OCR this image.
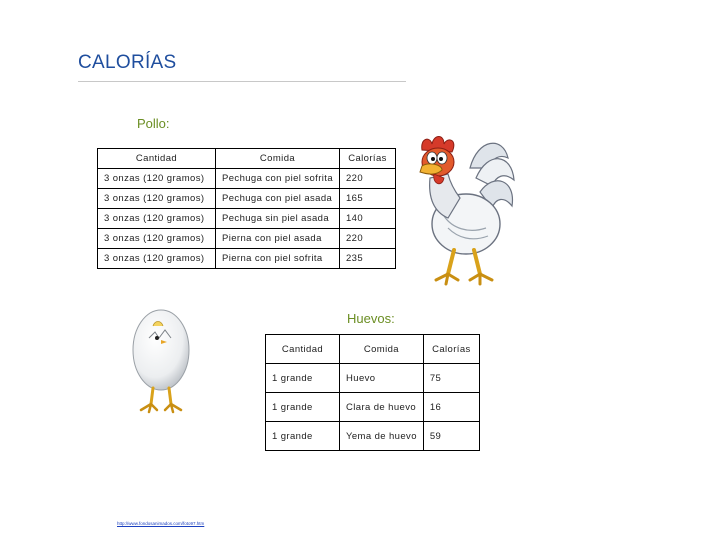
CALORÍAS
Pollo:
Cantidad	Comida	Calorías
3 onzas (120 gramos)	Pechuga con piel sofrita	220
3 onzas (120 gramos)	Pechuga con piel asada	165
3 onzas (120 gramos)	Pechuga sin piel asada	140
3 onzas (120 gramos)	Pierna con piel asada	220
3 onzas (120 gramos)	Pierna con piel sofrita	235
Huevos:
Cantidad	Comida	Calorías
1 grande	Huevo	75
1 grande	Clara de huevo	16
1 grande	Yema de huevo	59
http://www.fondosanimados.com/foto97.htm
